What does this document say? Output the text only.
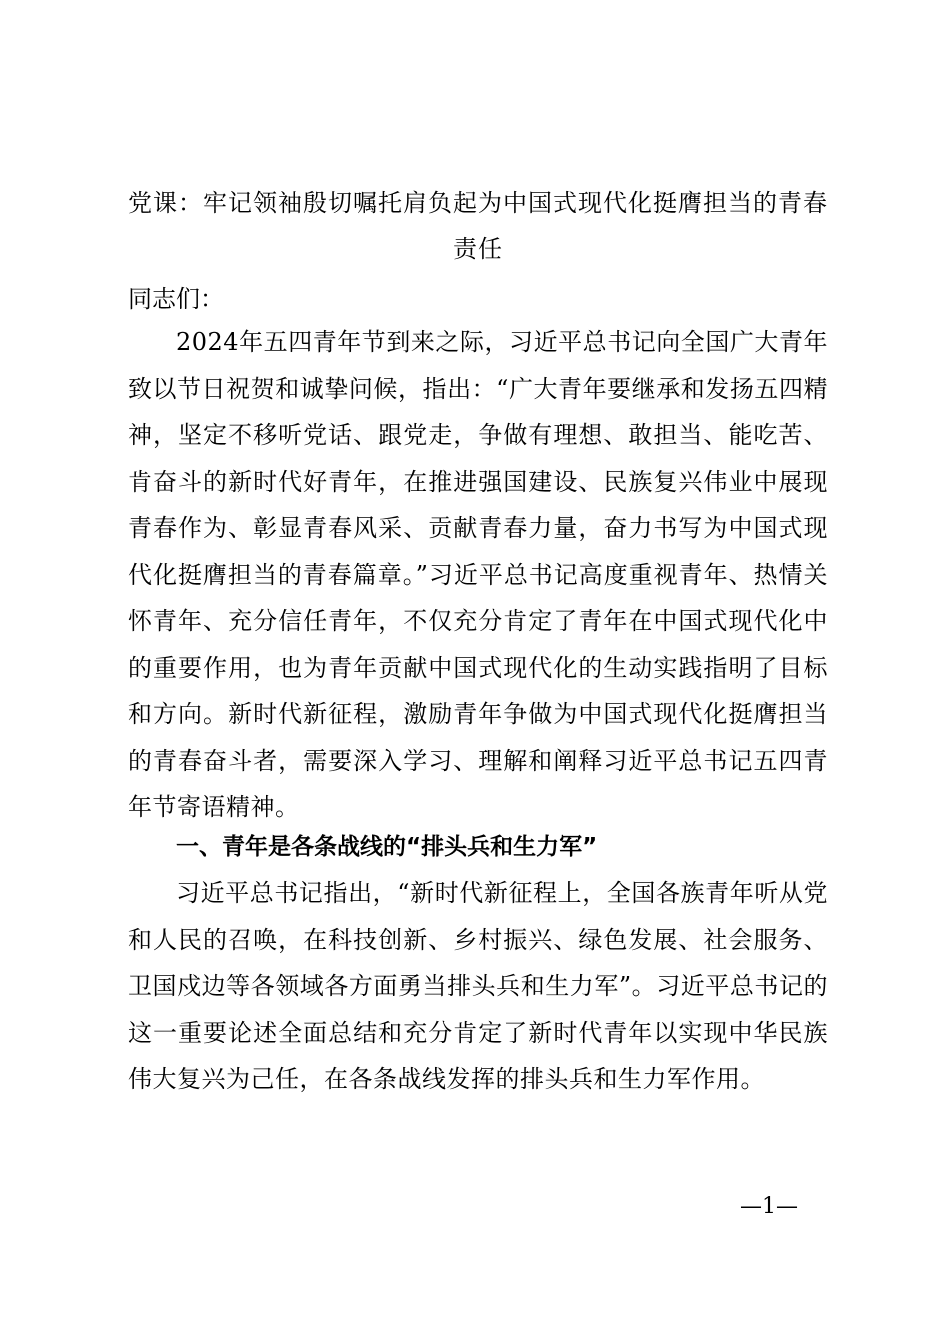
党课：牢记领袖殷切嘱托肩负起为中国式现代化挺膺担当的青春责任
同志们：
2024年五四青年节到来之际，习近平总书记向全国广大青年致以节日祝贺和诚挚问候，指出：“广大青年要继承和发扬五四精神，坚定不移听党话、跟党走，争做有理想、敢担当、能吃苦、肯奋斗的新时代好青年，在推进强国建设、民族复兴伟业中展现青春作为、彰显青春风采、贡献青春力量，奋力书写为中国式现代化挺膺担当的青春篇章。”习近平总书记高度重视青年、热情关怀青年、充分信任青年，不仅充分肯定了青年在中国式现代化中的重要作用，也为青年贡献中国式现代化的生动实践指明了目标和方向。新时代新征程，激励青年争做为中国式现代化挺膺担当的青春奋斗者，需要深入学习、理解和阐释习近平总书记五四青年节寄语精神。
一、青年是各条战线的“排头兵和生力军”
习近平总书记指出，“新时代新征程上，全国各族青年听从党和人民的召唤，在科技创新、乡村振兴、绿色发展、社会服务、卫国戍边等各领域各方面勇当排头兵和生力军”。习近平总书记的这一重要论述全面总结和充分肯定了新时代青年以实现中华民族伟大复兴为己任，在各条战线发挥的排头兵和生力军作用。
—1—
